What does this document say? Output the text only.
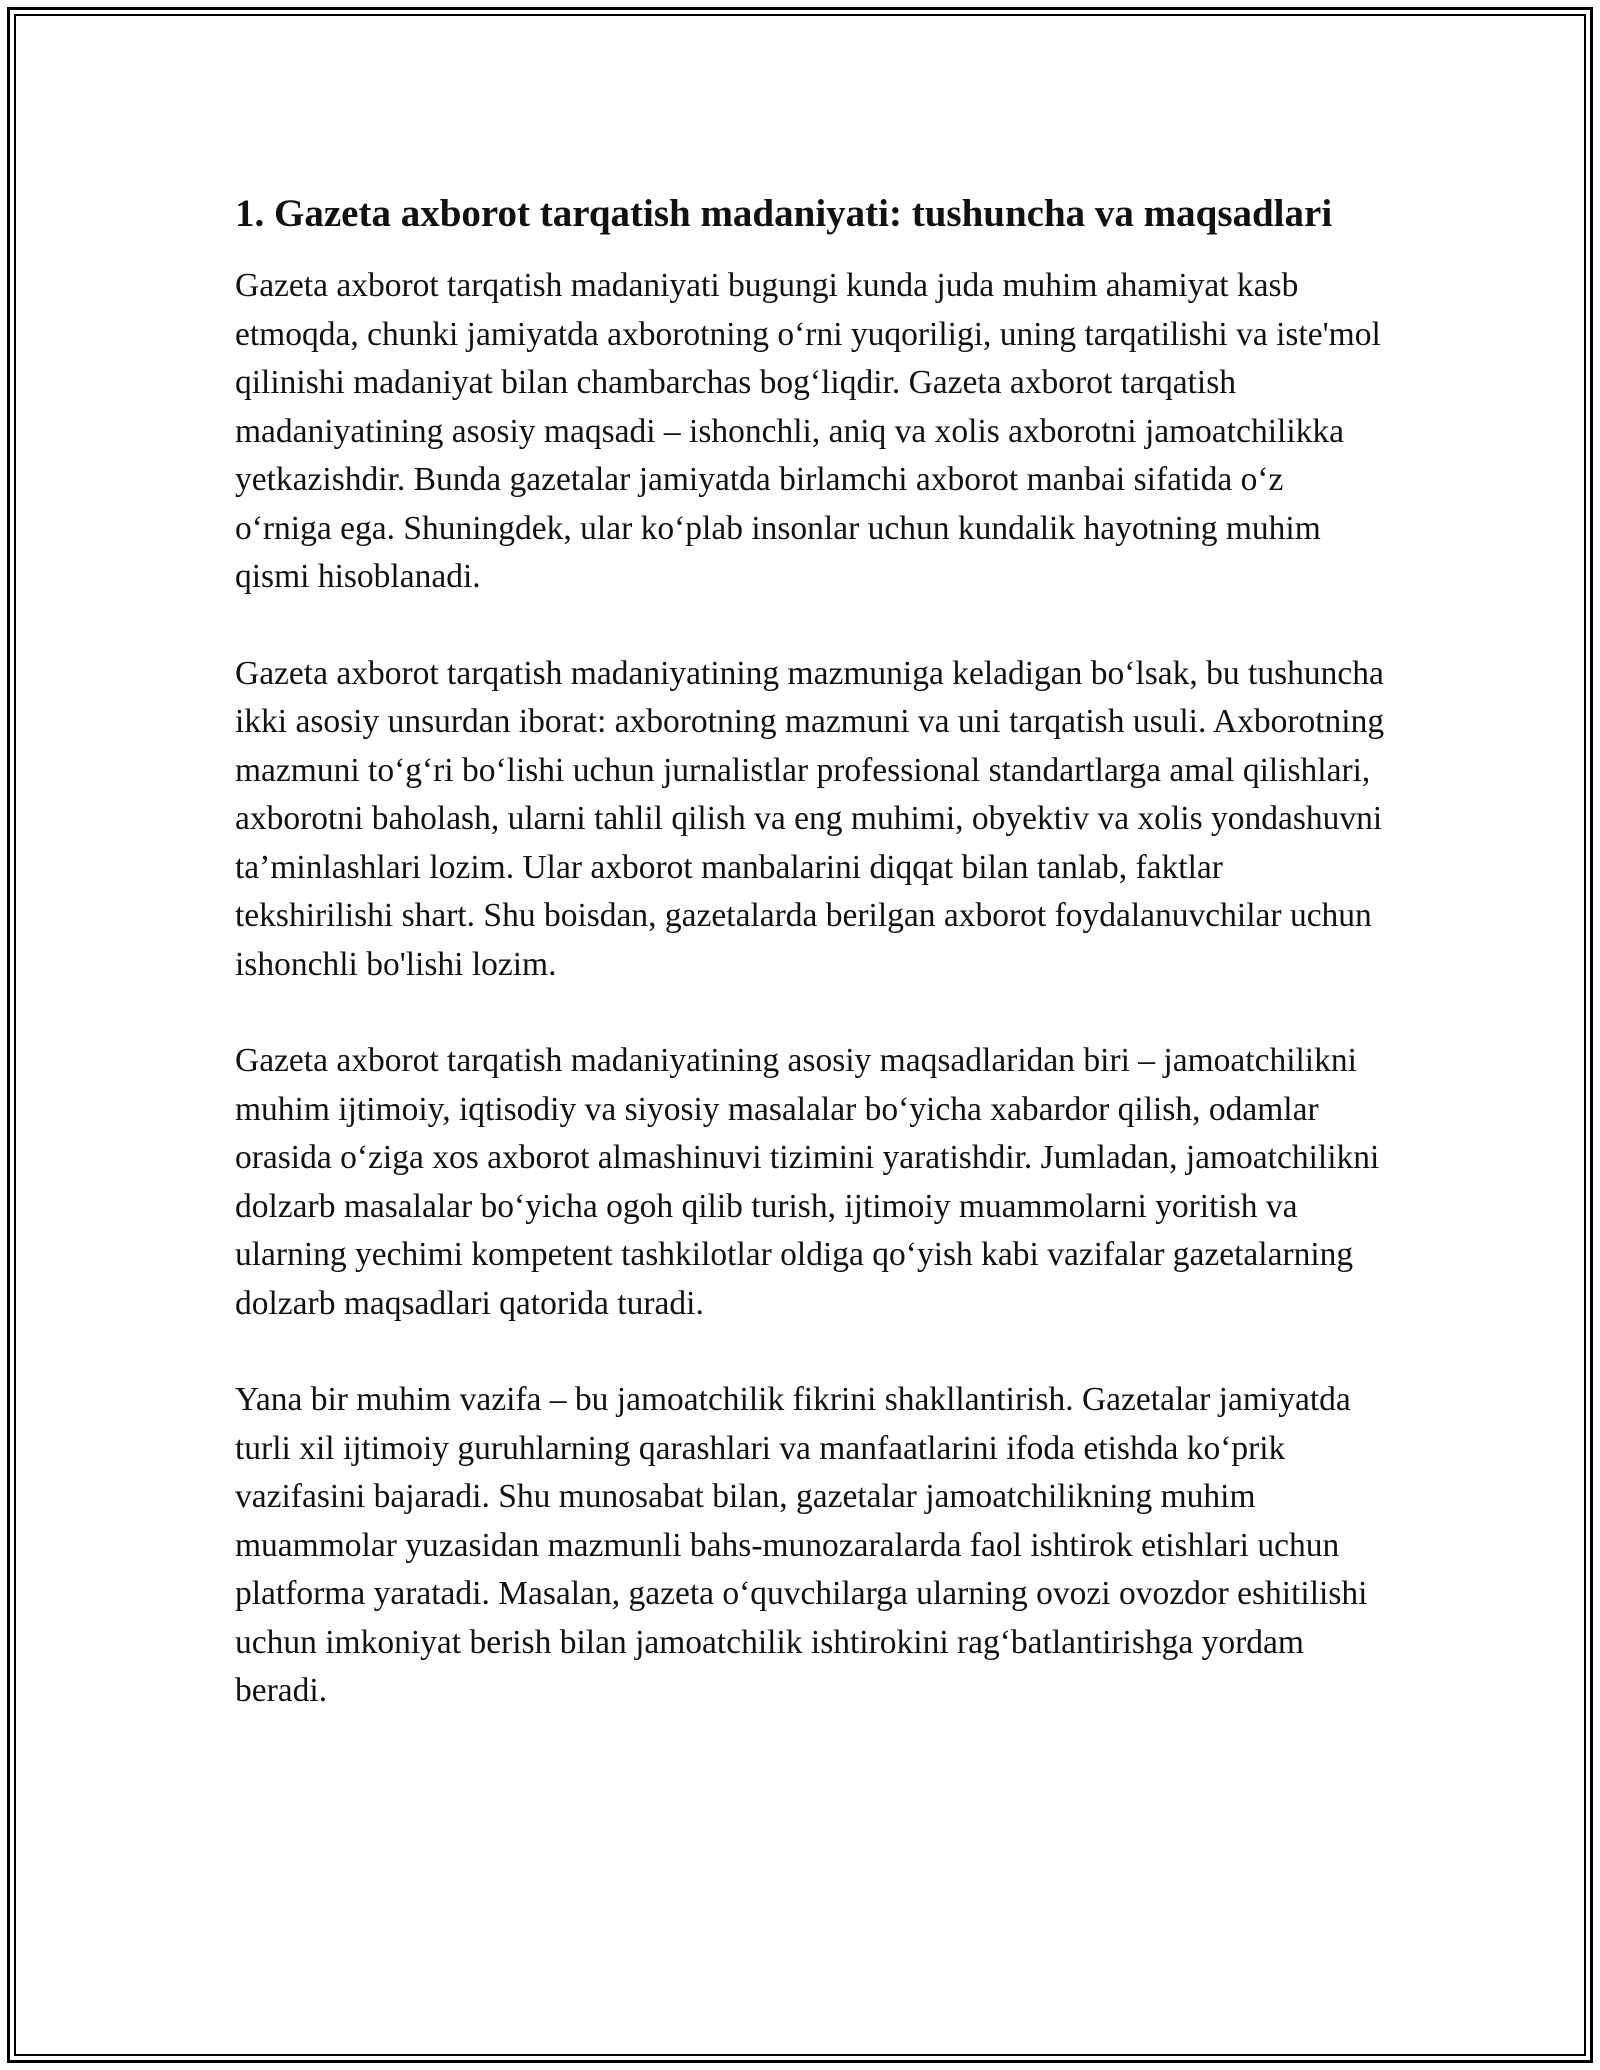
1. Gazeta axborot tarqatish madaniyati: tushuncha va maqsadlari

Gazeta axborot tarqatish madaniyati bugungi kunda juda muhim ahamiyat kasb etmoqda, chunki jamiyatda axborotning o‘rni yuqoriligi, uning tarqatilishi va iste'mol qilinishi madaniyat bilan chambarchas bog‘liqdir. Gazeta axborot tarqatish madaniyatining asosiy maqsadi – ishonchli, aniq va xolis axborotni jamoatchilikka yetkazishdir. Bunda gazetalar jamiyatda birlamchi axborot manbai sifatida o‘z o‘rniga ega. Shuningdek, ular ko‘plab insonlar uchun kundalik hayotning muhim qismi hisoblanadi.

Gazeta axborot tarqatish madaniyatining mazmuniga keladigan bo‘lsak, bu tushuncha ikki asosiy unsurdan iborat: axborotning mazmuni va uni tarqatish usuli. Axborotning mazmuni to‘g‘ri bo‘lishi uchun jurnalistlar professional standartlarga amal qilishlari, axborotni baholash, ularni tahlil qilish va eng muhimi, obyektiv va xolis yondashuvni ta’minlashlari lozim. Ular axborot manbalarini diqqat bilan tanlab, faktlar tekshirilishi shart. Shu boisdan, gazetalarda berilgan axborot foydalanuvchilar uchun ishonchli bo'lishi lozim.

Gazeta axborot tarqatish madaniyatining asosiy maqsadlaridan biri – jamoatchilikni muhim ijtimoiy, iqtisodiy va siyosiy masalalar bo‘yicha xabardor qilish, odamlar orasida o‘ziga xos axborot almashinuvi tizimini yaratishdir. Jumladan, jamoatchilikni dolzarb masalalar bo‘yicha ogoh qilib turish, ijtimoiy muammolarni yoritish va ularning yechimi kompetent tashkilotlar oldiga qo‘yish kabi vazifalar gazetalarning dolzarb maqsadlari qatorida turadi.

Yana bir muhim vazifa – bu jamoatchilik fikrini shakllantirish. Gazetalar jamiyatda turli xil ijtimoiy guruhlarning qarashlari va manfaatlarini ifoda etishda ko‘prik vazifasini bajaradi. Shu munosabat bilan, gazetalar jamoatchilikning muhim muammolar yuzasidan mazmunli bahs-munozaralarda faol ishtirok etishlari uchun platforma yaratadi. Masalan, gazeta o‘quvchilarga ularning ovozi ovozdor eshitilishi uchun imkoniyat berish bilan jamoatchilik ishtirokini rag‘batlantirishga yordam beradi.
